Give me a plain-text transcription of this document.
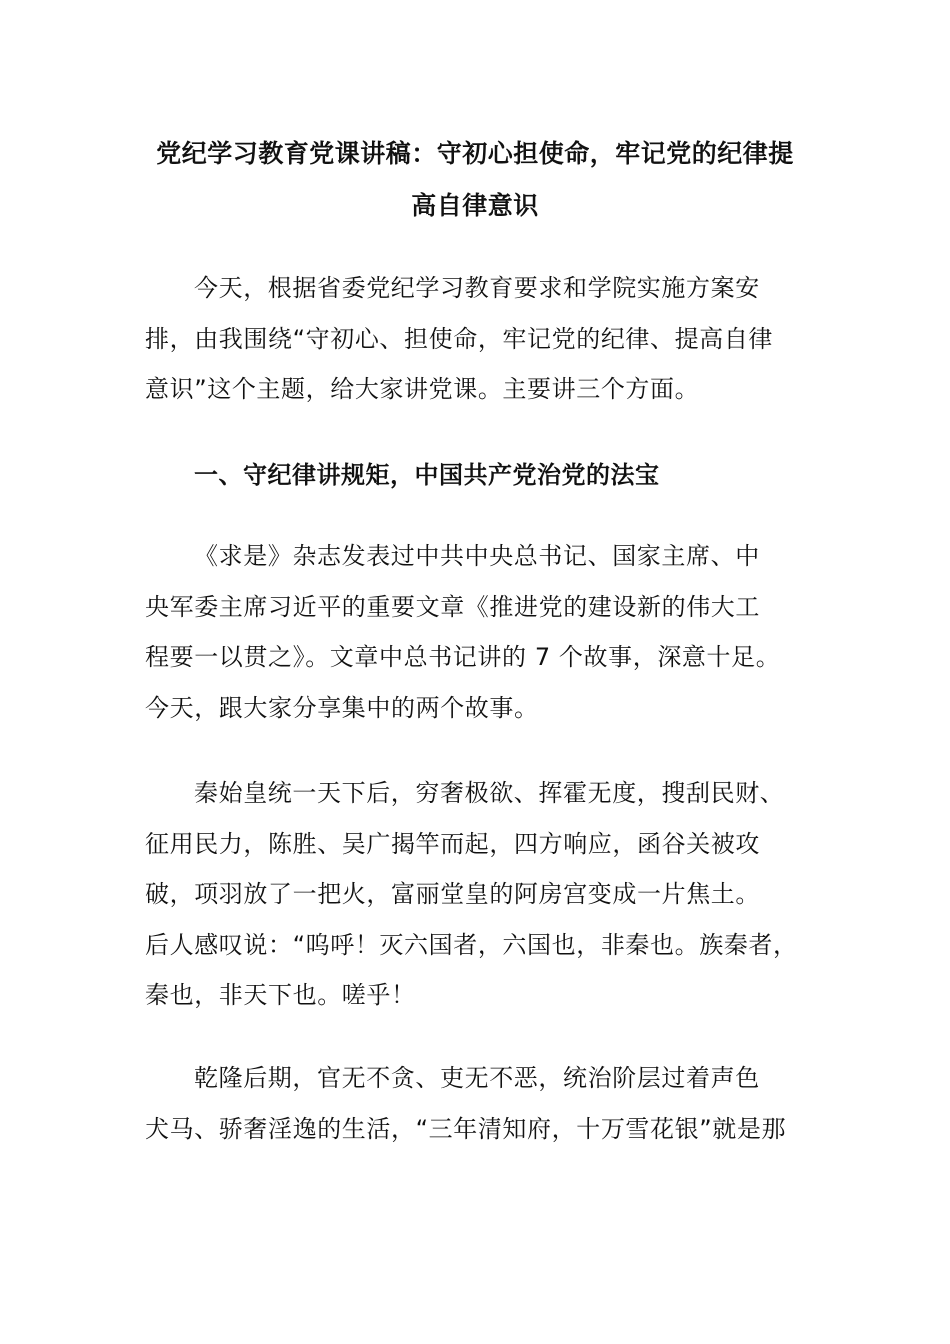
党纪学习教育党课讲稿：守初心担使命，牢记党的纪律提
高自律意识
今天，根据省委党纪学习教育要求和学院实施方案安
排，由我围绕“守初心、担使命，牢记党的纪律、提高自律
意识”这个主题，给大家讲党课。主要讲三个方面。
一、守纪律讲规矩，中国共产党治党的法宝
《求是》杂志发表过中共中央总书记、国家主席、中
央军委主席习近平的重要文章《推进党的建设新的伟大工
程要一以贯之》。文章中总书记讲的 7 个故事，深意十足。
今天，跟大家分享集中的两个故事。
秦始皇统一天下后，穷奢极欲、挥霍无度，搜刮民财、
征用民力，陈胜、吴广揭竿而起，四方响应，函谷关被攻
破，项羽放了一把火，富丽堂皇的阿房宫变成一片焦土。
后人感叹说：“呜呼！灭六国者，六国也，非秦也。族秦者，
秦也，非天下也。嗟乎！
乾隆后期，官无不贪、吏无不恶，统治阶层过着声色
犬马、骄奢淫逸的生活，“三年清知府，十万雪花银”就是那
